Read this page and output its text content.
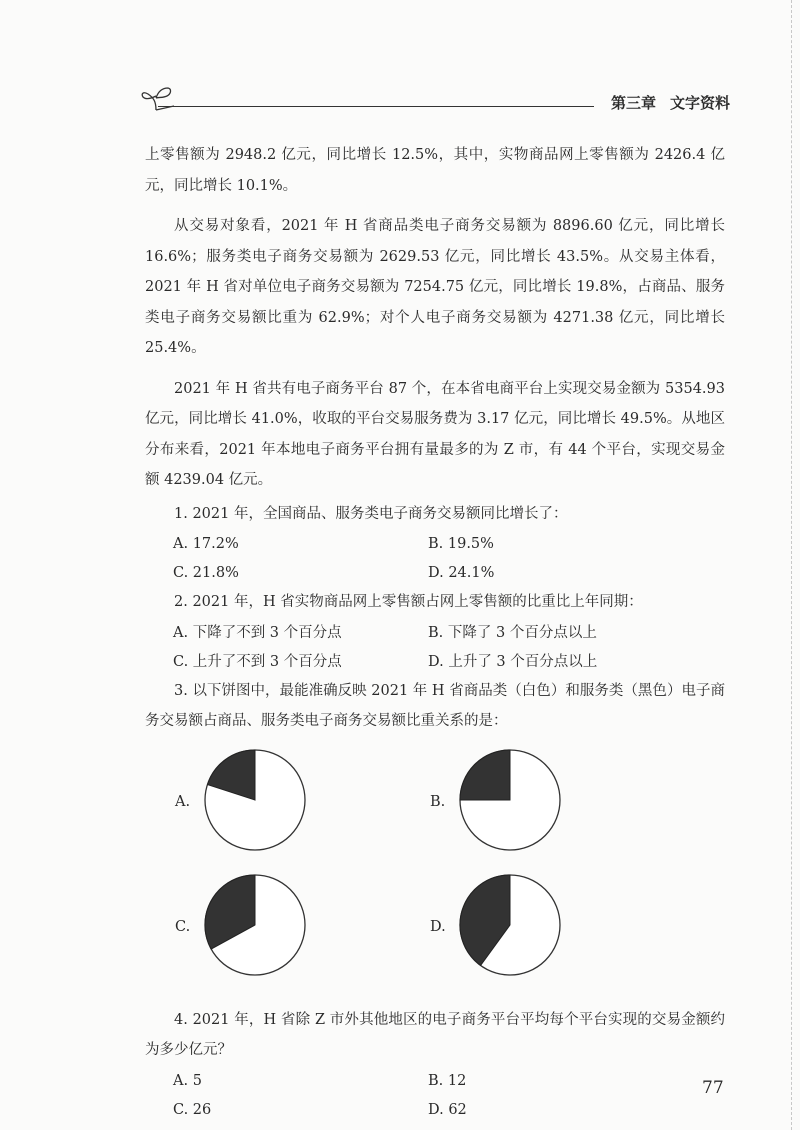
第三章 文字资料

上零售额为 2948.2 亿元，同比增长 12.5%，其中，实物商品网上零售额为 2426.4 亿元，同比增长 10.1%。

从交易对象看，2021 年 H 省商品类电子商务交易额为 8896.60 亿元，同比增长 16.6%；服务类电子商务交易额为 2629.53 亿元，同比增长 43.5%。从交易主体看，2021 年 H 省对单位电子商务交易额为 7254.75 亿元，同比增长 19.8%，占商品、服务类电子商务交易额比重为 62.9%；对个人电子商务交易额为 4271.38 亿元，同比增长 25.4%。

2021 年 H 省共有电子商务平台 87 个，在本省电商平台上实现交易金额为 5354.93 亿元，同比增长 41.0%，收取的平台交易服务费为 3.17 亿元，同比增长 49.5%。从地区分布来看，2021 年本地电子商务平台拥有量最多的为 Z 市，有 44 个平台，实现交易金额 4239.04 亿元。

1. 2021 年，全国商品、服务类电子商务交易额同比增长了：

A. 17.2%	B. 19.5%
C. 21.8%	D. 24.1%

2. 2021 年，H 省实物商品网上零售额占网上零售额的比重比上年同期：

A. 下降了不到 3 个百分点	B. 下降了 3 个百分点以上
C. 上升了不到 3 个百分点	D. 上升了 3 个百分点以上

3. 以下饼图中，最能准确反映 2021 年 H 省商品类（白色）和服务类（黑色）电子商务交易额占商品、服务类电子商务交易额比重关系的是：

A.	B.
C.	D.

4. 2021 年，H 省除 Z 市外其他地区的电子商务平台平均每个平台实现的交易金额约为多少亿元？

A. 5	B. 12
C. 26	D. 62
77
